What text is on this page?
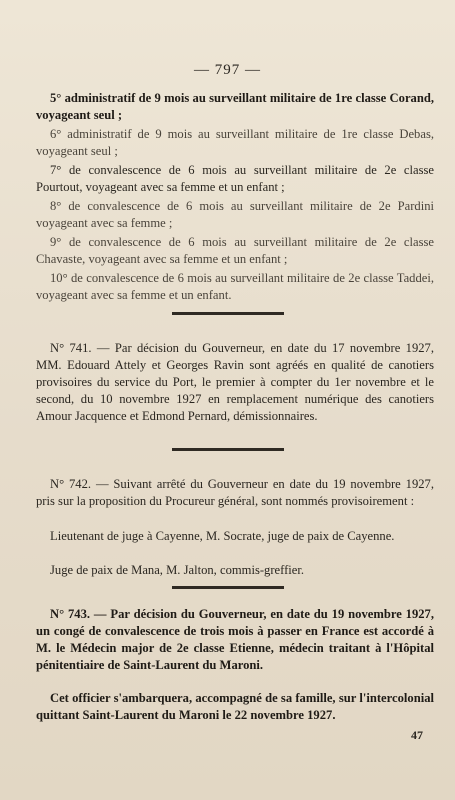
— 797 —

5° administratif de 9 mois au surveillant militaire de 1re classe Corand, voyageant seul ;

6° administratif de 9 mois au surveillant militaire de 1re classe Debas, voyageant seul ;

7° de convalescence de 6 mois au surveillant militaire de 2e classe Pourtout, voyageant avec sa femme et un enfant ;

8° de convalescence de 6 mois au surveillant militaire de 2e Pardini voyageant avec sa femme ;

9° de convalescence de 6 mois au surveillant militaire de 2e classe Chavaste, voyageant avec sa femme et un enfant ;

10° de convalescence de 6 mois au surveillant militaire de 2e classe Taddei, voyageant avec sa femme et un enfant.

N° 741. — Par décision du Gouverneur, en date du 17 novembre 1927, MM. Edouard Attely et Georges Ravin sont agréés en qualité de canotiers provisoires du service du Port, le premier à compter du 1er novembre et le second, du 10 novembre 1927 en remplacement numérique des canotiers Amour Jacquence et Edmond Pernard, démissionnaires.

N° 742. — Suivant arrêté du Gouverneur en date du 19 novembre 1927, pris sur la proposition du Procureur général, sont nommés provisoirement :

Lieutenant de juge à Cayenne, M. Socrate, juge de paix de Cayenne.

Juge de paix de Mana, M. Jalton, commis-greffier.

N° 743. — Par décision du Gouverneur, en date du 19 novembre 1927, un congé de convalescence de trois mois à passer en France est accordé à M. le Médecin major de 2e classe Etienne, médecin traitant à l'Hôpital pénitentiaire de Saint-Laurent du Maroni.

Cet officier s'ambarquera, accompagné de sa famille, sur l'intercolonial quittant Saint-Laurent du Maroni le 22 novembre 1927.

47
